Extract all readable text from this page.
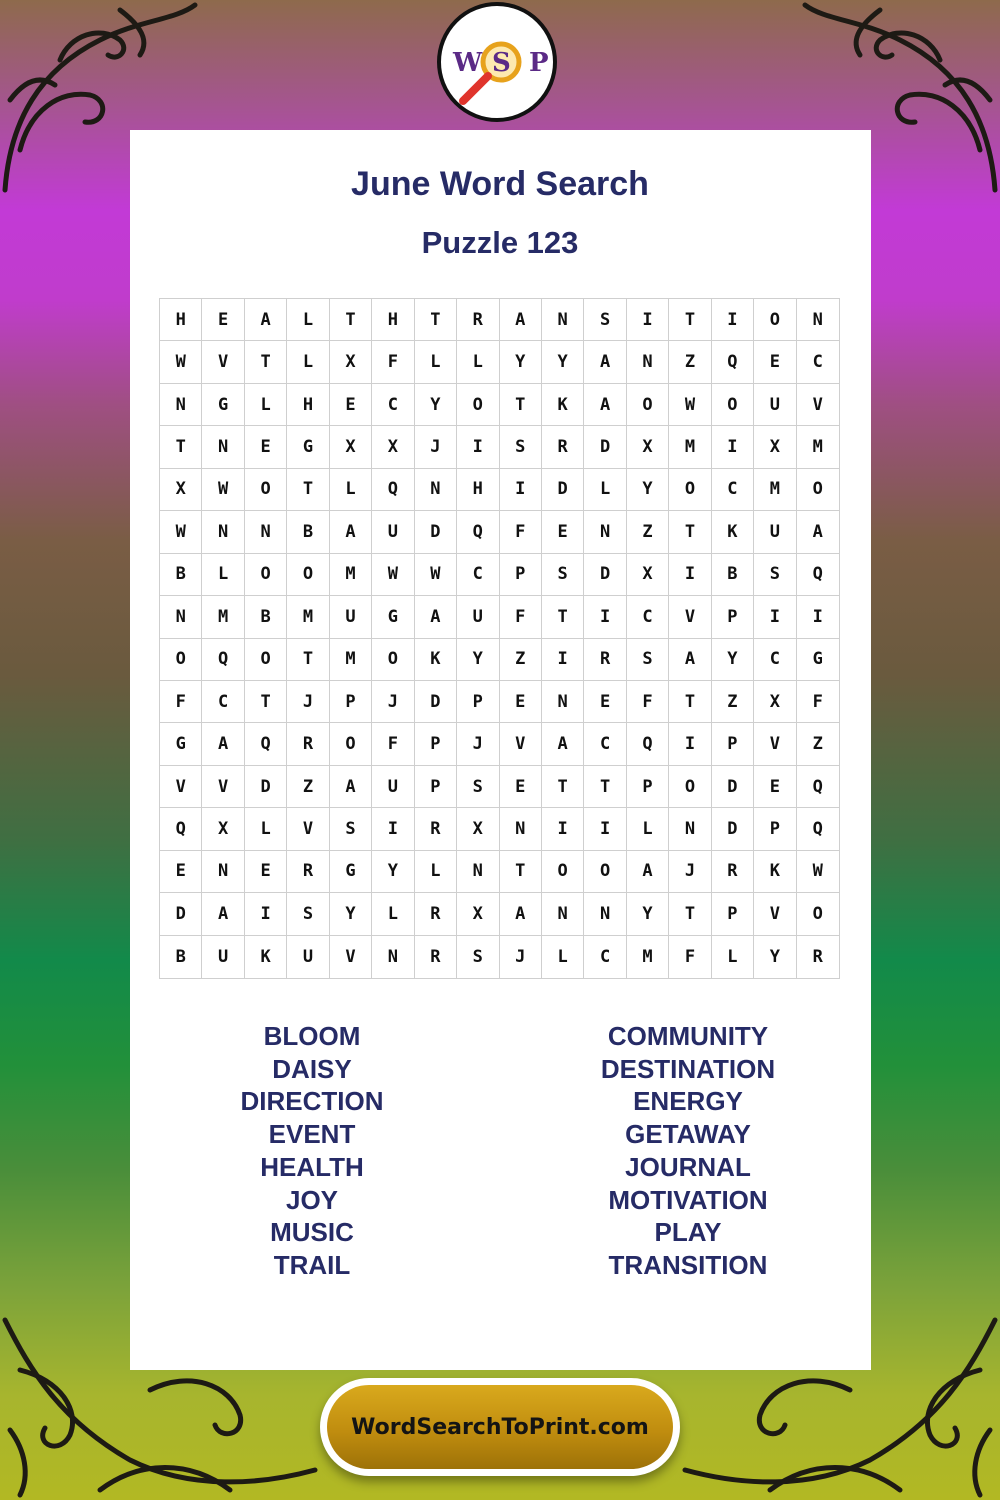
W S P
June Word Search
Puzzle 123
H	E	A	L	T	H	T	R	A	N	S	I	T	I	O	N
W	V	T	L	X	F	L	L	Y	Y	A	N	Z	Q	E	C
N	G	L	H	E	C	Y	O	T	K	A	O	W	O	U	V
T	N	E	G	X	X	J	I	S	R	D	X	M	I	X	M
X	W	O	T	L	Q	N	H	I	D	L	Y	O	C	M	O
W	N	N	B	A	U	D	Q	F	E	N	Z	T	K	U	A
B	L	O	O	M	W	W	C	P	S	D	X	I	B	S	Q
N	M	B	M	U	G	A	U	F	T	I	C	V	P	I	I
O	Q	O	T	M	O	K	Y	Z	I	R	S	A	Y	C	G
F	C	T	J	P	J	D	P	E	N	E	F	T	Z	X	F
G	A	Q	R	O	F	P	J	V	A	C	Q	I	P	V	Z
V	V	D	Z	A	U	P	S	E	T	T	P	O	D	E	Q
Q	X	L	V	S	I	R	X	N	I	I	L	N	D	P	Q
E	N	E	R	G	Y	L	N	T	O	O	A	J	R	K	W
D	A	I	S	Y	L	R	X	A	N	N	Y	T	P	V	O
B	U	K	U	V	N	R	S	J	L	C	M	F	L	Y	R
BLOOM
DAISY
DIRECTION
EVENT
HEALTH
JOY
MUSIC
TRAIL
COMMUNITY
DESTINATION
ENERGY
GETAWAY
JOURNAL
MOTIVATION
PLAY
TRANSITION
WordSearchToPrint.com
